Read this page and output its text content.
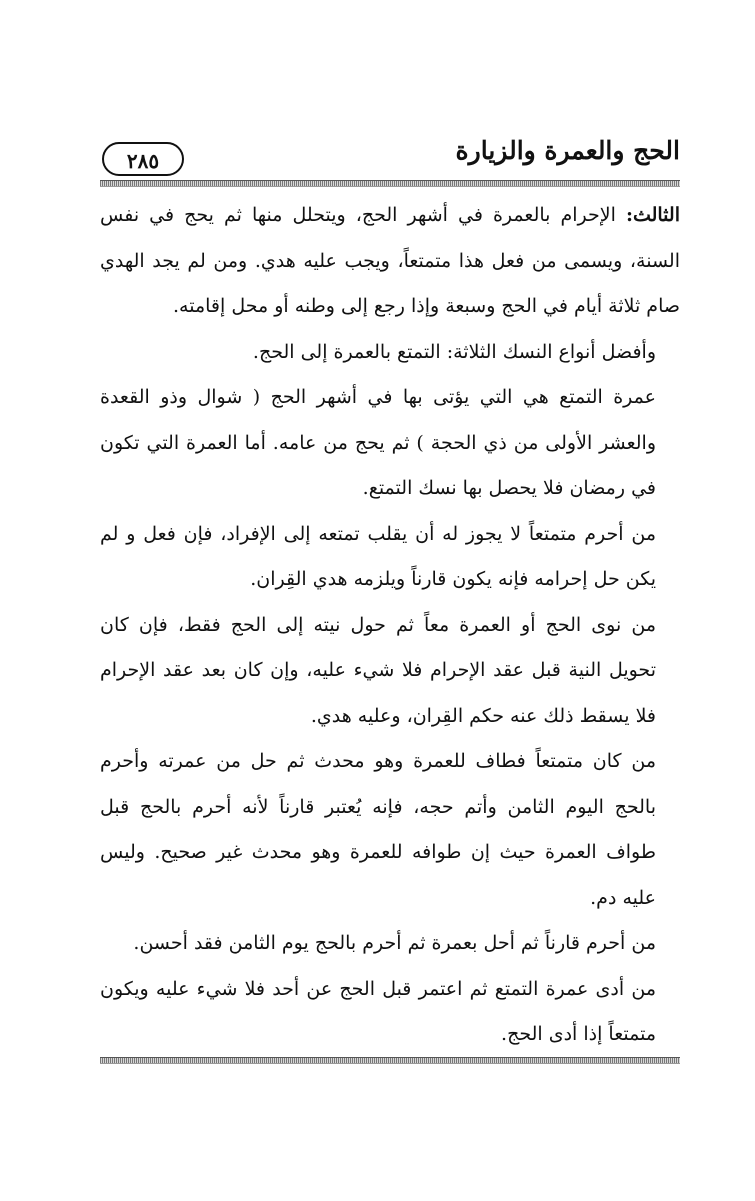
الحج والعمرة والزيارة
٢٨٥

الثالث: الإحرام بالعمرة في أشهر الحج، ويتحلل منها ثم يحج في نفس السنة، ويسمى من فعل هذا متمتعاً، ويجب عليه هدي. ومن لم يجد الهدي صام ثلاثة أيام في الحج وسبعة وإذا رجع إلى وطنه أو محل إقامته.

وأفضل أنواع النسك الثلاثة: التمتع بالعمرة إلى الحج.

عمرة التمتع هي التي يؤتى بها في أشهر الحج ( شوال وذو القعدة والعشر الأولى من ذي الحجة ) ثم يحج من عامه. أما العمرة التي تكون في رمضان فلا يحصل بها نسك التمتع.

من أحرم متمتعاً لا يجوز له أن يقلب تمتعه إلى الإفراد، فإن فعل و لم يكن حل إحرامه فإنه يكون قارناً ويلزمه هدي القِران.

من نوى الحج أو العمرة معاً ثم حول نيته إلى الحج فقط، فإن كان تحويل النية قبل عقد الإحرام فلا شيء عليه، وإن كان بعد عقد الإحرام فلا يسقط ذلك عنه حكم القِران، وعليه هدي.

من كان متمتعاً فطاف للعمرة وهو محدث ثم حل من عمرته وأحرم بالحج اليوم الثامن وأتم حجه، فإنه يُعتبر قارناً لأنه أحرم بالحج قبل طواف العمرة حيث إن طوافه للعمرة وهو محدث غير صحيح. وليس عليه دم.

من أحرم قارناً ثم أحل بعمرة ثم أحرم بالحج يوم الثامن فقد أحسن.

من أدى عمرة التمتع ثم اعتمر قبل الحج عن أحد فلا شيء عليه ويكون متمتعاً إذا أدى الحج.
